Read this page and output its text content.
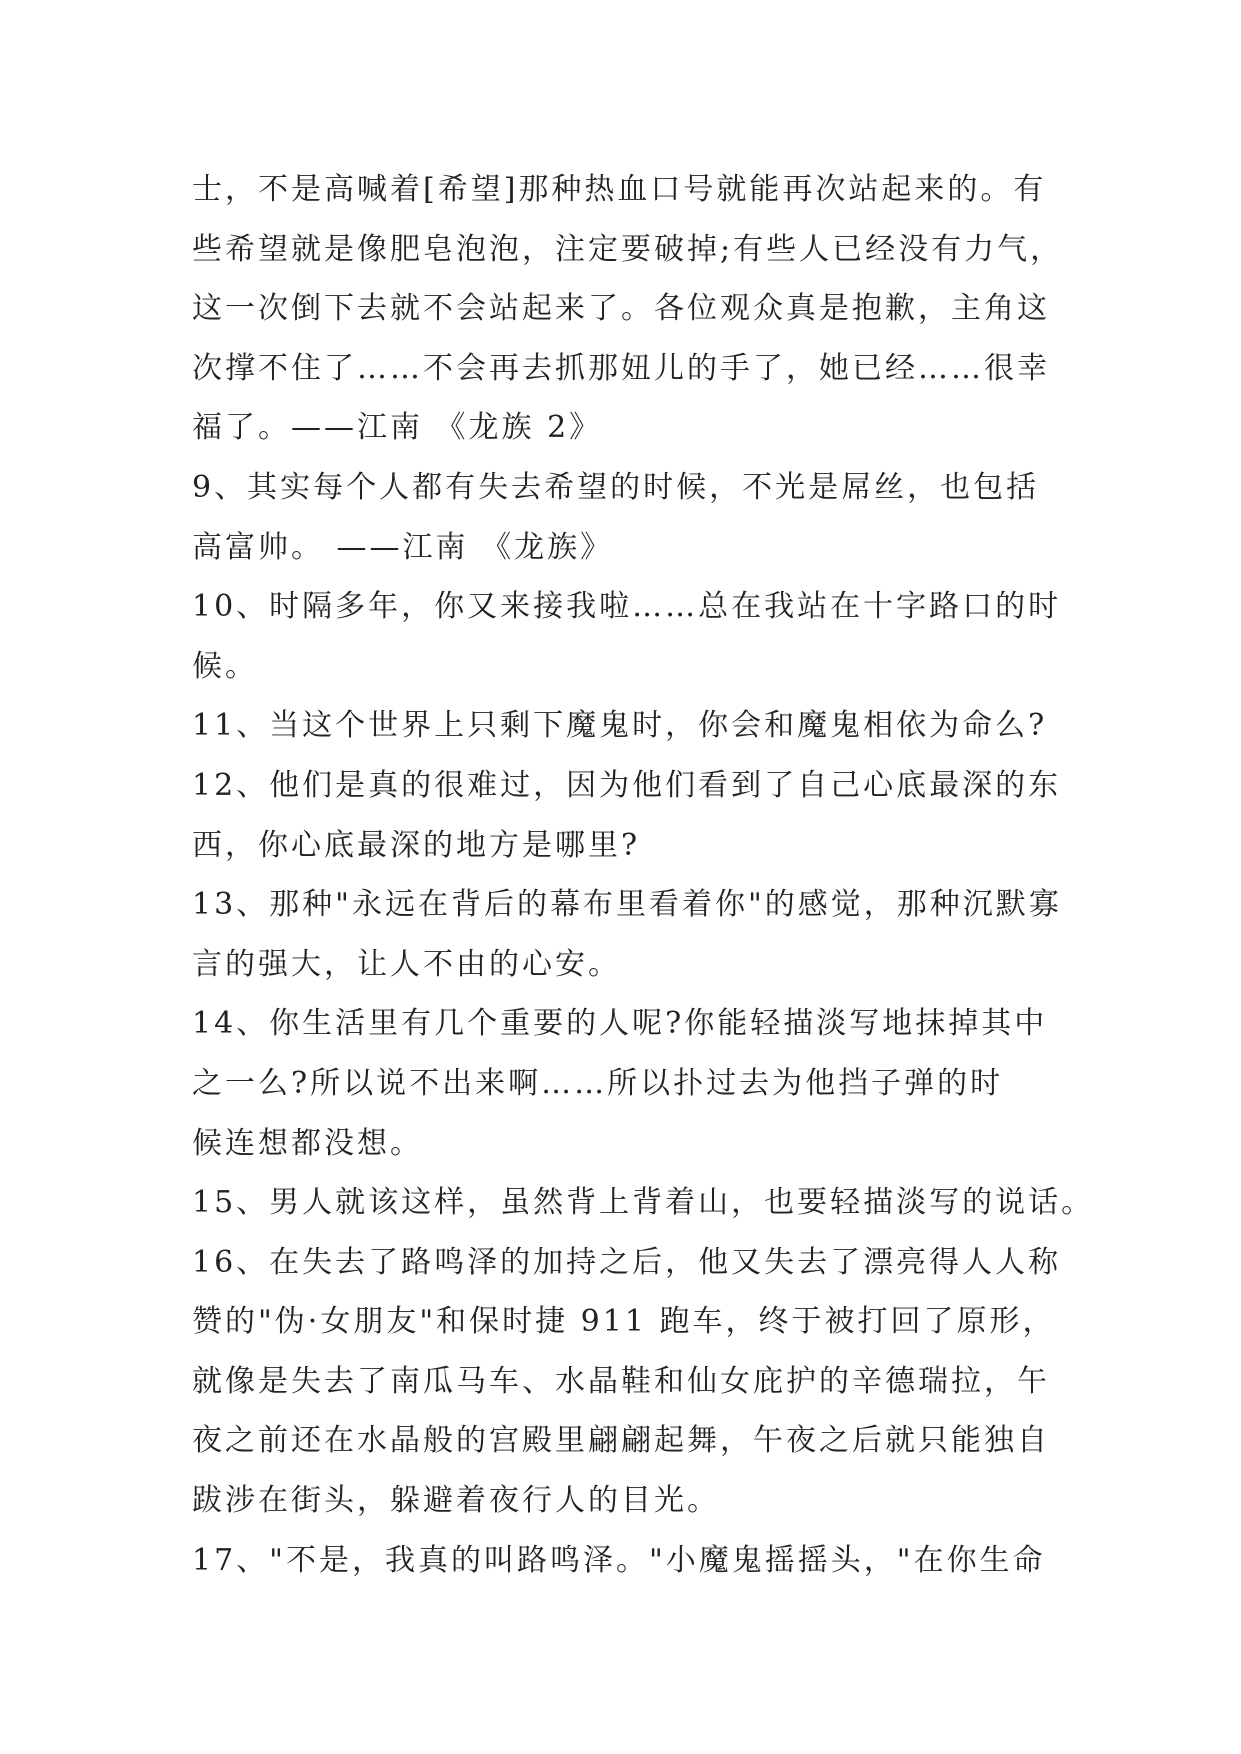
士，不是高喊着[希望]那种热血口号就能再次站起来的。有
些希望就是像肥皂泡泡，注定要破掉;有些人已经没有力气，
这一次倒下去就不会站起来了。各位观众真是抱歉，主角这
次撑不住了……不会再去抓那妞儿的手了，她已经……很幸
福了。——江南 《龙族 2》
9、其实每个人都有失去希望的时候，不光是屌丝，也包括
高富帅。 ——江南 《龙族》
10、时隔多年，你又来接我啦……总在我站在十字路口的时
候。
11、当这个世界上只剩下魔鬼时，你会和魔鬼相依为命么?
12、他们是真的很难过，因为他们看到了自己心底最深的东
西，你心底最深的地方是哪里?
13、那种"永远在背后的幕布里看着你"的感觉，那种沉默寡
言的强大，让人不由的心安。
14、你生活里有几个重要的人呢?你能轻描淡写地抹掉其中
之一么?所以说不出来啊……所以扑过去为他挡子弹的时
候连想都没想。
15、男人就该这样，虽然背上背着山，也要轻描淡写的说话。
16、在失去了路鸣泽的加持之后，他又失去了漂亮得人人称
赞的"伪·女朋友"和保时捷 911 跑车，终于被打回了原形，
就像是失去了南瓜马车、水晶鞋和仙女庇护的辛德瑞拉，午
夜之前还在水晶般的宫殿里翩翩起舞，午夜之后就只能独自
跋涉在街头，躲避着夜行人的目光。
17、"不是，我真的叫路鸣泽。"小魔鬼摇摇头，"在你生命
